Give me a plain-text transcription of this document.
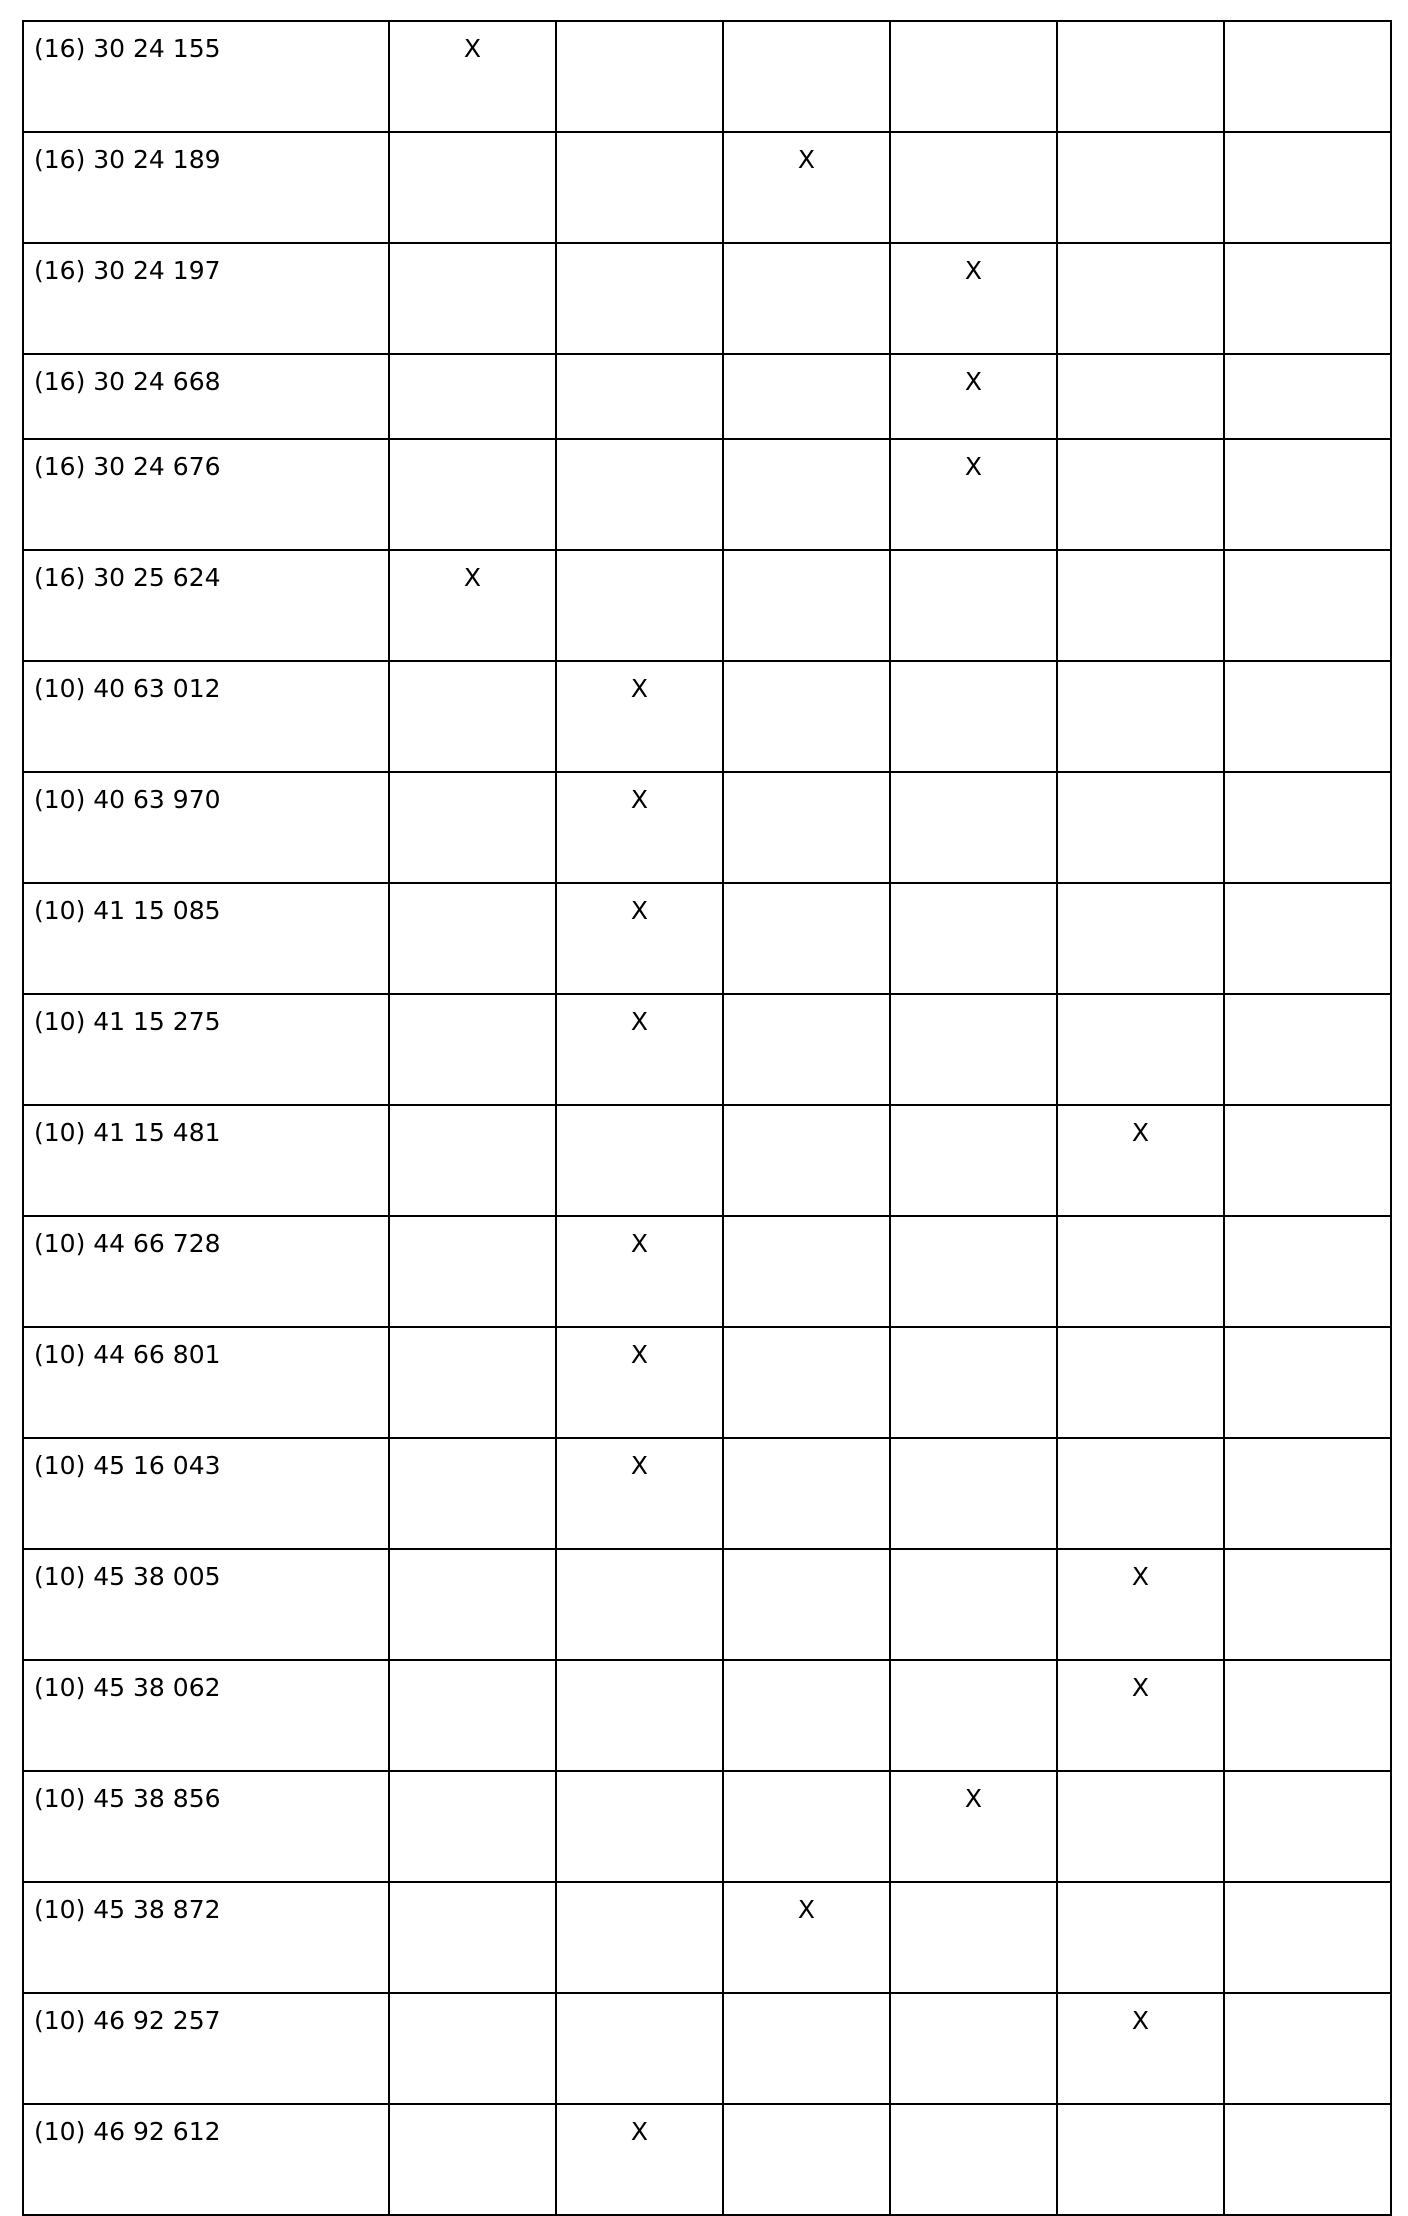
(16) 30 24 155	X					
(16) 30 24 189			X			
(16) 30 24 197				X		
(16) 30 24 668				X		
(16) 30 24 676				X		
(16) 30 25 624	X					
(10) 40 63 012		X				
(10) 40 63 970		X				
(10) 41 15 085		X				
(10) 41 15 275		X				
(10) 41 15 481					X	
(10) 44 66 728		X				
(10) 44 66 801		X				
(10) 45 16 043		X				
(10) 45 38 005					X	
(10) 45 38 062					X	
(10) 45 38 856				X		
(10) 45 38 872			X			
(10) 46 92 257					X	
(10) 46 92 612		X				
